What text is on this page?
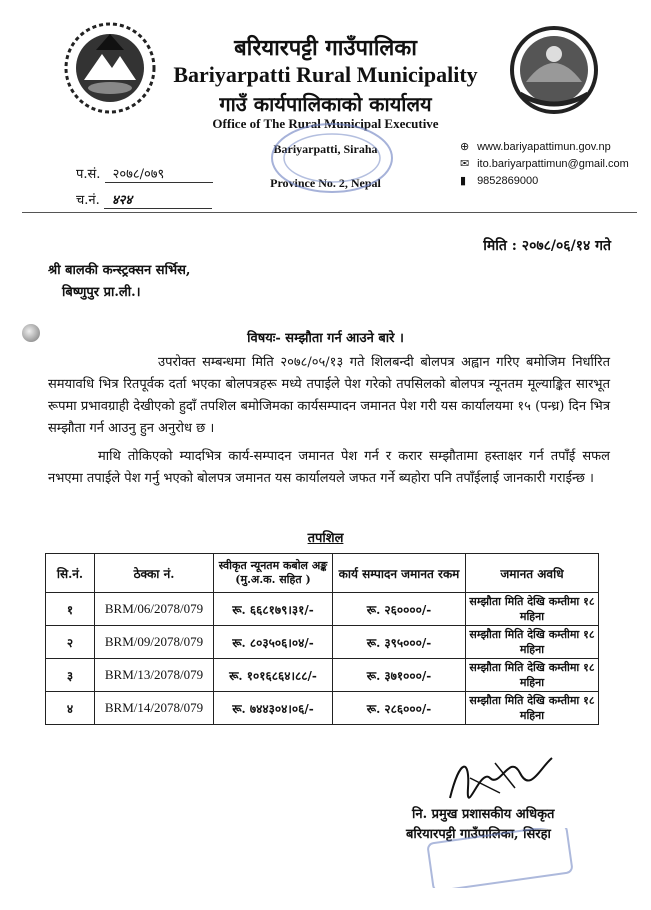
बरियारपट्टी गाउँपालिका
Bariyarpatti Rural Municipality
गाउँ कार्यपालिकाको कार्यालय
Office of The Rural Municipal Executive
Bariyarpatti, Siraha
Province No. 2, Nepal
⊕ www.bariyapattimun.gov.np
✉ ito.bariyarpattimun@gmail.com
▮ 9852869000
प.सं. २०७८/०७९
च.नं. ४२४
मिति : २०७८/०६/१४ गते
श्री बालकी कन्स्ट्रक्सन सर्भिस,
बिष्णुपुर प्रा.ली.।
विषयः- सम्झौता गर्न आउने बारे ।
उपरोक्त सम्बन्धमा मिति २०७८/०५/१३ गते शिलबन्दी बोलपत्र अह्वान गरिए बमोजिम निर्धारित समयावधि भित्र रितपूर्वक दर्ता भएका बोलपत्रहरू मध्ये तपाईले पेश गरेको तपसिलको बोलपत्र न्यूनतम मूल्याङ्कित सारभूत रूपमा प्रभावग्राही देखीएको हुदाँ तपशिल बमोजिमका कार्यसम्पादन जमानत पेश गरी यस कार्यालयमा १५ (पन्ध्र) दिन भित्र सम्झौता गर्न आउनु हुन अनुरोध छ ।
माथि तोकिएको म्यादभित्र कार्य-सम्पादन जमानत पेश गर्न र करार सम्झौतामा हस्ताक्षर गर्न तपाँई सफल नभएमा तपाईले पेश गर्नु भएको बोलपत्र जमानत यस कार्यालयले जफत गर्ने ब्यहोरा पनि तपाँईलाई जानकारी गराईन्छ ।
तपशिल
सि.नं.	ठेक्का नं.	स्वीकृत न्यूनतम कबोल अङ्क (मु.अ.क. सहित )	कार्य सम्पादन जमानत रकम	जमानत अवधि
१	BRM/06/2078/079	रू. ६६८१७९।३१/-	रू. २६००००/-	सम्झौता मिति देखि कम्तीमा १८ महिना
२	BRM/09/2078/079	रू. ८०३५०६।०४/-	रू. ३९५०००/-	सम्झौता मिति देखि कम्तीमा १८ महिना
३	BRM/13/2078/079	रू. १०१६८६४।८८/-	रू. ३७१०००/-	सम्झौता मिति देखि कम्तीमा १८ महिना
४	BRM/14/2078/079	रू. ७४४३०४।०६/-	रू. २८६०००/-	सम्झौता मिति देखि कम्तीमा १८ महिना
नि. प्रमुख प्रशासकीय अधिकृत
बरियारपट्टी गाउँपालिका, सिरहा
